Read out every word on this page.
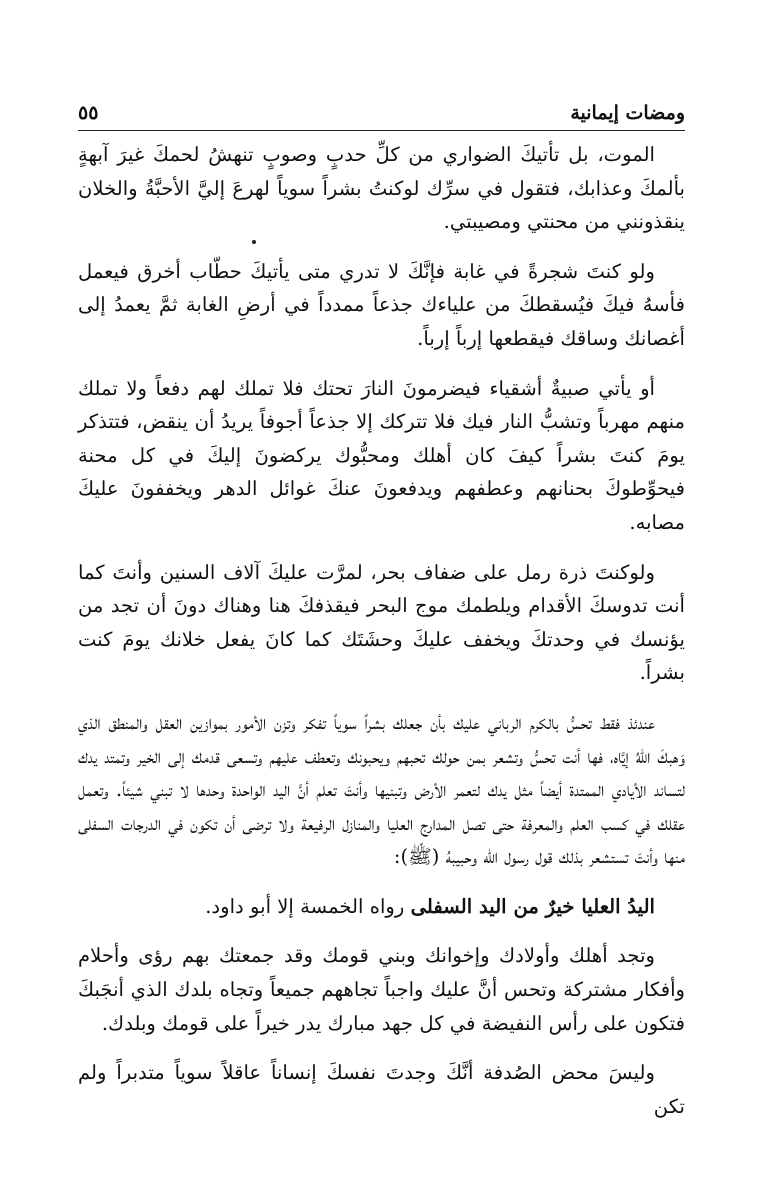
ومضات إيمانية
٥٥

الموت، بل تأتيكَ الضواري من كلِّ حدبٍ وصوبٍ تنهشُ لحمكَ غيرَ آبهةٍ بألمكَ وعذابك، فتقول في سرِّك لوكنتُ بشراً سوياً لهرعَ إليَّ الأحبَّةُ والخلان ينقذونني من محنتي ومصيبتي.

ولو كنتَ شجرةً في غابة فإنَّكَ لا تدري متى يأتيكَ حطّاب أخرق فيعمل فأسهُ فيكَ فيُسقطكَ من علياءك جذعاً ممدداً في أرضِ الغابة ثمَّ يعمدُ إلى أغصانك وساقك فيقطعها إرباً إرباً.

أو يأتي صبيةٌ أشقياء فيضرمونَ النارَ تحتك فلا تملك لهم دفعاً ولا تملك منهم مهرباً وتشبُّ النار فيك فلا تتركك إلا جذعاً أجوفاً يريدُ أن ينقض، فتتذكر يومَ كنتَ بشراً كيفَ كان أهلك ومحبُّوك يركضونَ إليكَ في كل محنة فيحوِّطوكَ بحنانهم وعطفهم ويدفعونَ عنكَ غوائل الدهر ويخففونَ عليكَ مصابه.

ولوكنتَ ذرة رمل على ضفاف بحر، لمرَّت عليكَ آلاف السنين وأنتَ كما أنت تدوسكَ الأقدام ويلطمك موج البحر فيقذفكَ هنا وهناك دونَ أن تجد من يؤنسك في وحدتكَ ويخفف عليكَ وحشَتَك كما كانَ يفعل خلانك يومَ كنت بشراً.

عندئذ فقط تحسُّ بالكرم الرباني عليك بأن جعلك بشراً سوياً تفكر وتزن الأمور بموازين العقل والمنطق الذي وَهبكَ اللهُ إيَّاه، فها أنت تحسُّ وتشعر بمن حولك تحبهم ويحبونك وتعطف عليهم وتسعى قدمك إلى الخير وتمتد يدك لتساند الأيادي الممتدة أيضاً مثل يدك لتعمر الأرض وتبنيها وأنتَ تعلم أنَّ اليد الواحدة وحدها لا تبني شيئاً. وتعمل عقلك في كسب العلم والمعرفة حتى تصل المدارج العليا والمنازل الرفيعة ولا ترضى أن تكون في الدرجات السفلى منها وأنتَ تستشعر بذلك قول رسول الله وحبيبهُ (ﷺ):

اليدُ العليا خيرٌ من اليد السفلى رواه الخمسة إلا أبو داود.

وتجد أهلك وأولادك وإخوانك وبني قومك وقد جمعتك بهم رؤى وأحلام وأفكار مشتركة وتحس أنَّ عليك واجباً تجاههم جميعاً وتجاه بلدك الذي أنجَبكَ فتكون على رأس النفيضة في كل جهد مبارك يدر خيراً على قومك وبلدك.

وليسَ محض الصُدفة أنَّكَ وجدتَ نفسكَ إنساناً عاقلاً سوياً متدبراً ولم تكن
